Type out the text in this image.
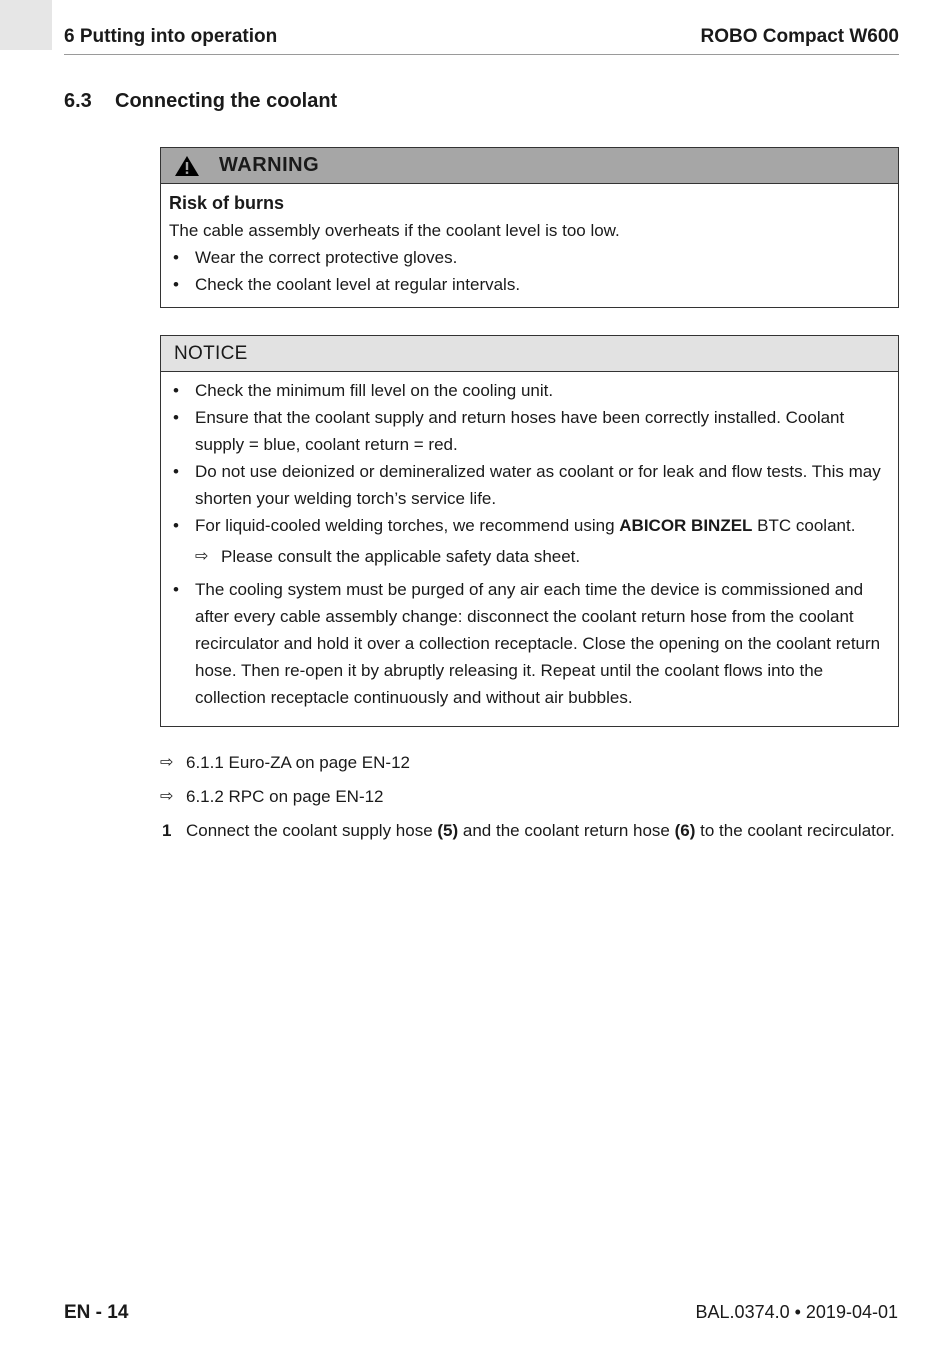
6 Putting into operation	ROBO Compact W600
6.3 Connecting the coolant
WARNING
Risk of burns
The cable assembly overheats if the coolant level is too low.
• Wear the correct protective gloves.
• Check the coolant level at regular intervals.
NOTICE
• Check the minimum fill level on the cooling unit.
• Ensure that the coolant supply and return hoses have been correctly installed. Coolant supply = blue, coolant return = red.
• Do not use deionized or demineralized water as coolant or for leak and flow tests. This may shorten your welding torch’s service life.
• For liquid-cooled welding torches, we recommend using ABICOR BINZEL BTC coolant.
⇨ Please consult the applicable safety data sheet.
• The cooling system must be purged of any air each time the device is commissioned and after every cable assembly change: disconnect the coolant return hose from the coolant recirculator and hold it over a collection receptacle. Close the opening on the coolant return hose. Then re-open it by abruptly releasing it. Repeat until the coolant flows into the collection receptacle continuously and without air bubbles.
⇨ 6.1.1 Euro-ZA on page EN-12
⇨ 6.1.2 RPC on page EN-12
1 Connect the coolant supply hose (5) and the coolant return hose (6) to the coolant recirculator.
EN - 14	BAL.0374.0 • 2019-04-01
